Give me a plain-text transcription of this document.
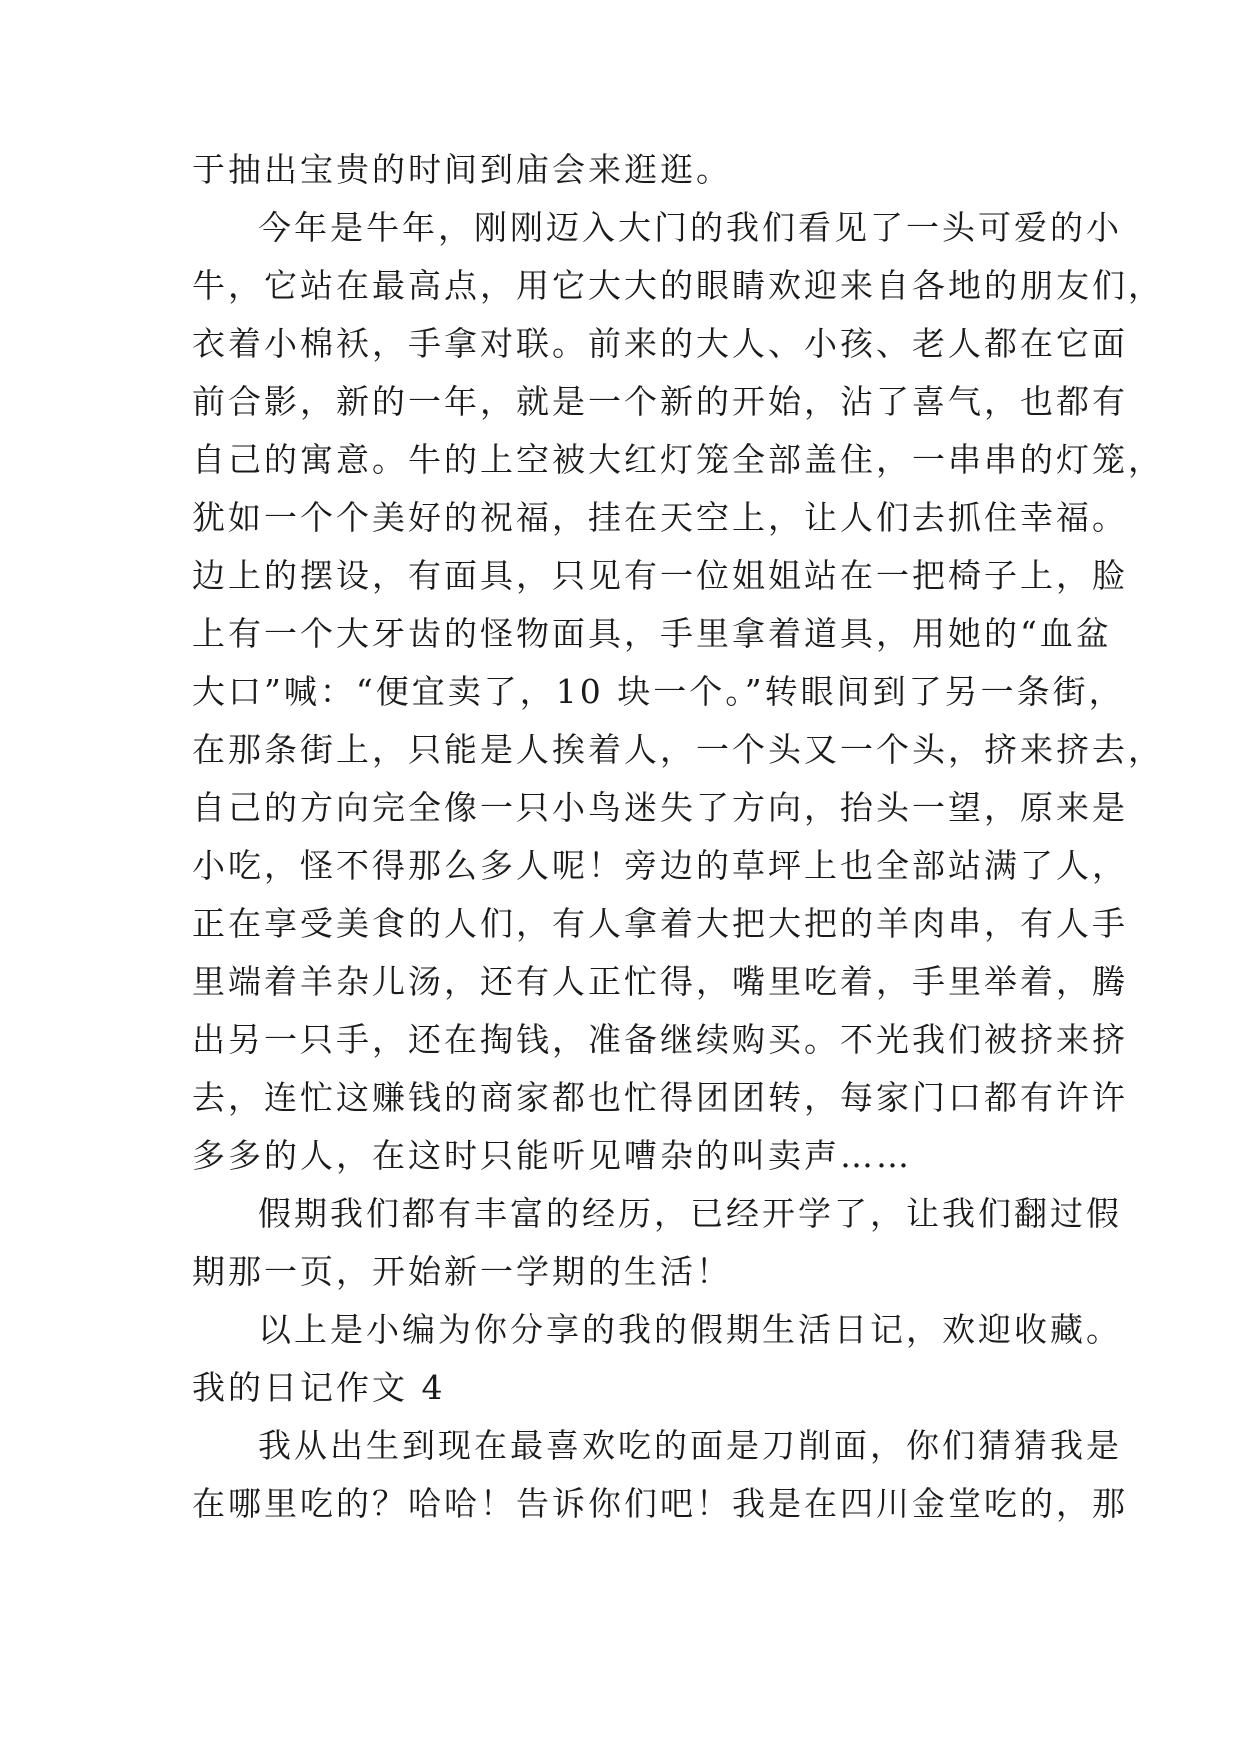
于抽出宝贵的时间到庙会来逛逛。
今年是牛年，刚刚迈入大门的我们看见了一头可爱的小
牛，它站在最高点，用它大大的眼睛欢迎来自各地的朋友们，
衣着小棉袄，手拿对联。前来的大人、小孩、老人都在它面
前合影，新的一年，就是一个新的开始，沾了喜气，也都有
自己的寓意。牛的上空被大红灯笼全部盖住，一串串的灯笼，
犹如一个个美好的祝福，挂在天空上，让人们去抓住幸福。
边上的摆设，有面具，只见有一位姐姐站在一把椅子上，脸
上有一个大牙齿的怪物面具，手里拿着道具，用她的“血盆
大口”喊：“便宜卖了，10 块一个。”转眼间到了另一条街，
在那条街上，只能是人挨着人，一个头又一个头，挤来挤去，
自己的方向完全像一只小鸟迷失了方向，抬头一望，原来是
小吃，怪不得那么多人呢！旁边的草坪上也全部站满了人，
正在享受美食的人们，有人拿着大把大把的羊肉串，有人手
里端着羊杂儿汤，还有人正忙得，嘴里吃着，手里举着，腾
出另一只手，还在掏钱，准备继续购买。不光我们被挤来挤
去，连忙这赚钱的商家都也忙得团团转，每家门口都有许许
多多的人，在这时只能听见嘈杂的叫卖声……
假期我们都有丰富的经历，已经开学了，让我们翻过假
期那一页，开始新一学期的生活！
以上是小编为你分享的我的假期生活日记，欢迎收藏。
我的日记作文 4
我从出生到现在最喜欢吃的面是刀削面，你们猜猜我是
在哪里吃的？哈哈！告诉你们吧！我是在四川金堂吃的，那
